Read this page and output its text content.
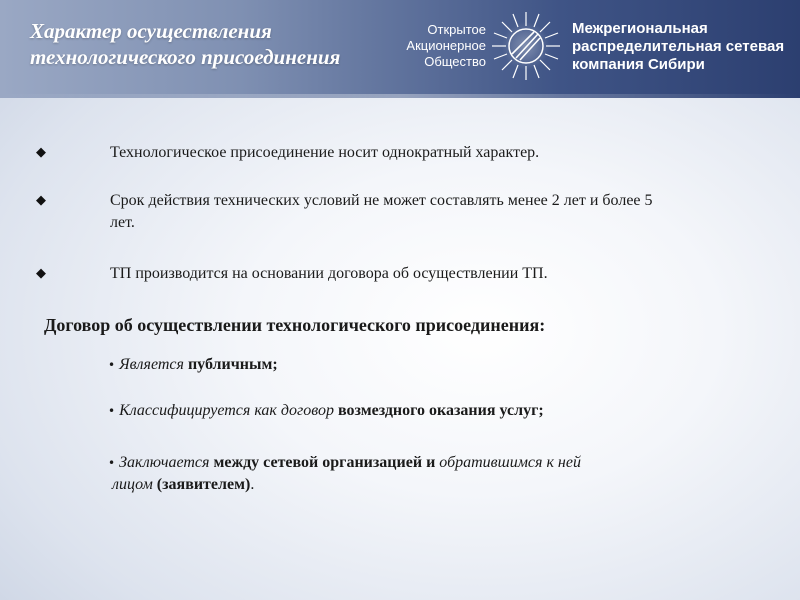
Характер осуществления
технологического присоединения
Открытое
Акционерное
Общество
Межрегиональная
распределительная сетевая
компания Сибири
◆	Технологическое присоединение носит однократный характер.
◆	Срок действия технических условий не может составлять менее 2 лет и более 5
лет.
◆	ТП производится на основании договора об осуществлении ТП.
Договор об осуществлении технологического присоединения:
• Является публичным;
• Классифицируется как договор возмездного оказания услуг;
• Заключается между сетевой организацией и обратившимся к ней
лицом (заявителем).
